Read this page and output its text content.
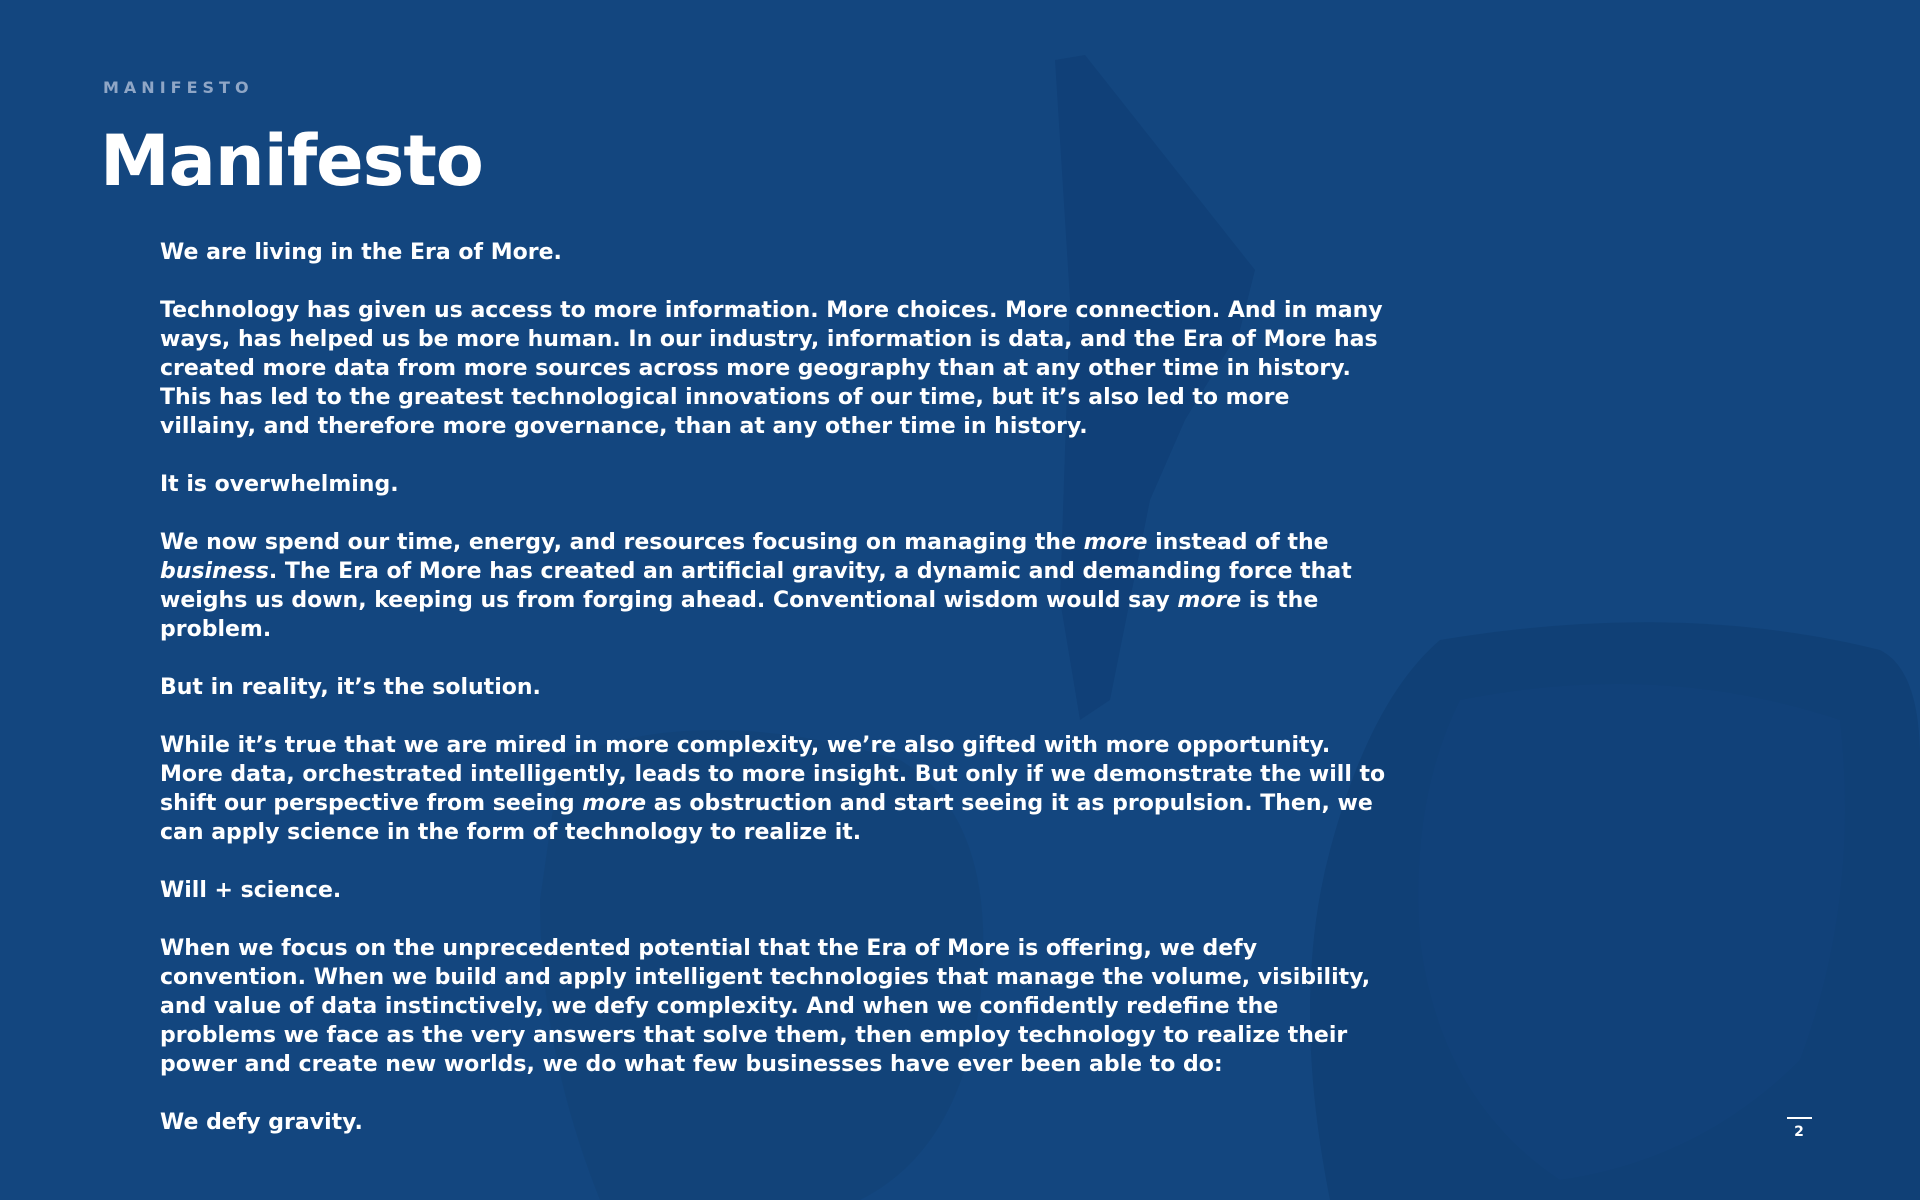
MANIFESTO
Manifesto

We are living in the Era of More.

Technology has given us access to more information. More choices. More connection. And in many ways, has helped us be more human. In our industry, information is data, and the Era of More has created more data from more sources across more geography than at any other time in history. This has led to the greatest technological innovations of our time, but it’s also led to more villainy, and therefore more governance, than at any other time in history.

It is overwhelming.

We now spend our time, energy, and resources focusing on managing the more instead of the business. The Era of More has created an artificial gravity, a dynamic and demanding force that weighs us down, keeping us from forging ahead. Conventional wisdom would say more is the problem.

But in reality, it’s the solution.

While it’s true that we are mired in more complexity, we’re also gifted with more opportunity. More data, orchestrated intelligently, leads to more insight. But only if we demonstrate the will to shift our perspective from seeing more as obstruction and start seeing it as propulsion. Then, we can apply science in the form of technology to realize it.

Will + science.

When we focus on the unprecedented potential that the Era of More is offering, we defy convention. When we build and apply intelligent technologies that manage the volume, visibility, and value of data instinctively, we defy complexity. And when we confidently redefine the problems we face as the very answers that solve them, then employ technology to realize their power and create new worlds, we do what few businesses have ever been able to do:

We defy gravity.	2
